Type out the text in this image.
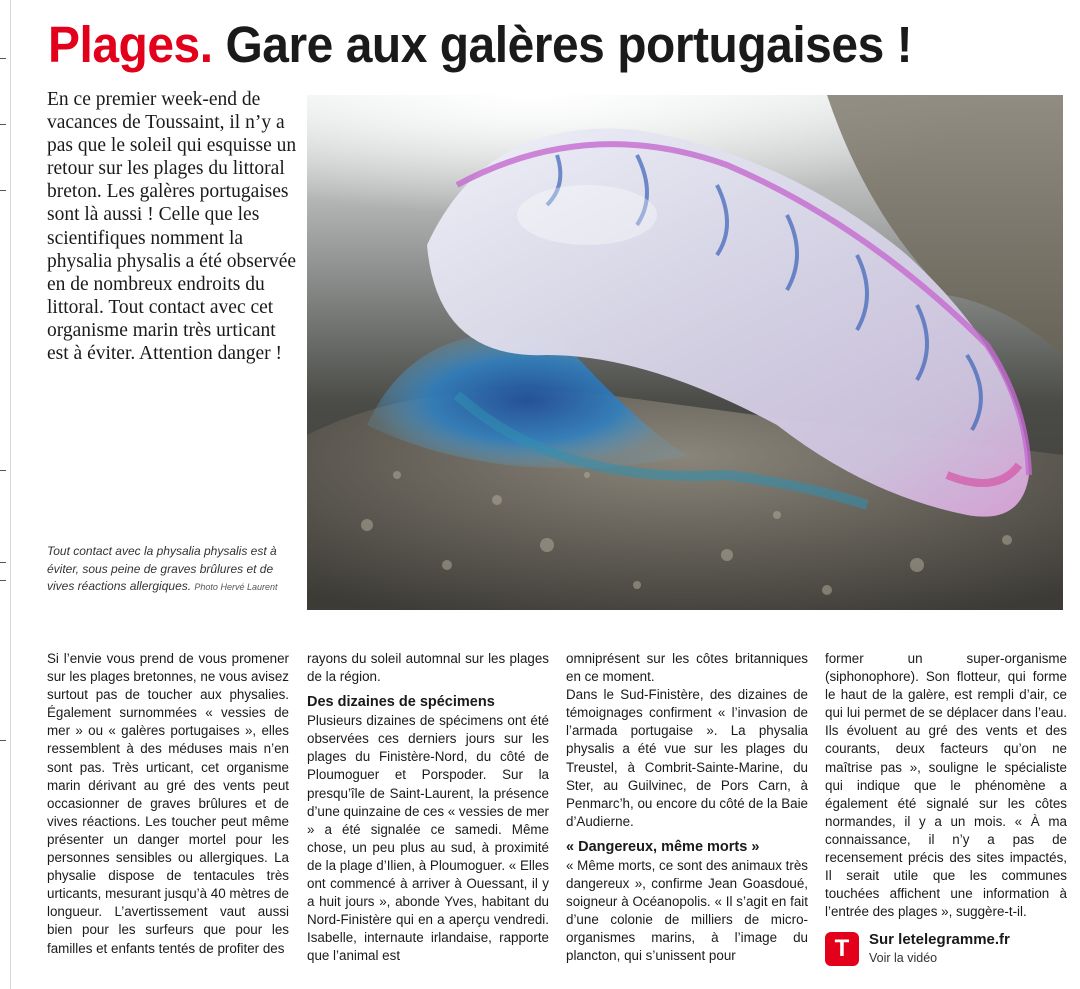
Plages. Gare aux galères portugaises !
En ce premier week-end de vacances de Toussaint, il n’y a pas que le soleil qui esquisse un retour sur les plages du littoral breton. Les galères portugaises sont là aussi ! Celle que les scientifiques nomment la physalia physalis a été observée en de nombreux endroits du littoral. Tout contact avec cet organisme marin très urticant est à éviter. Attention danger !
Tout contact avec la physalia physalis est à éviter, sous peine de graves brûlures et de vives réactions allergiques. Photo Hervé Laurent

Si l’envie vous prend de vous promener sur les plages bretonnes, ne vous avisez surtout pas de toucher aux physalies. Également surnommées « vessies de mer » ou « galères portugaises », elles ressemblent à des méduses mais n’en sont pas. Très urticant, cet organisme marin dérivant au gré des vents peut occasionner de graves brûlures et de vives réactions. Les toucher peut même présenter un danger mortel pour les personnes sensibles ou allergiques. La physalie dispose de tentacules très urticants, mesurant jusqu’à 40 mètres de longueur. L’avertissement vaut aussi bien pour les surfeurs que pour les familles et enfants tentés de profiter des

rayons du soleil automnal sur les plages de la région.

Des dizaines de spécimens

Plusieurs dizaines de spécimens ont été observées ces derniers jours sur les plages du Finistère-Nord, du côté de Ploumoguer et Porspoder. Sur la presqu’île de Saint-Laurent, la présence d’une quinzaine de ces « vessies de mer » a été signalée ce samedi. Même chose, un peu plus au sud, à proximité de la plage d’Ilien, à Ploumoguer. « Elles ont commencé à arriver à Ouessant, il y a huit jours », abonde Yves, habitant du Nord-Finistère qui en a aperçu vendredi. Isabelle, internaute irlandaise, rapporte que l’animal est

omniprésent sur les côtes britanniques en ce moment.

Dans le Sud-Finistère, des dizaines de témoignages confirment « l’invasion de l’armada portugaise ». La physalia physalis a été vue sur les plages du Treustel, à Combrit-Sainte-Marine, du Ster, au Guilvinec, de Pors Carn, à Penmarc’h, ou encore du côté de la Baie d’Audierne.

« Dangereux, même morts »

« Même morts, ce sont des animaux très dangereux », confirme Jean Goasdoué, soigneur à Océanopolis. « Il s’agit en fait d’une colonie de milliers de micro-organismes marins, à l’image du plancton, qui s’unissent pour

former un super-organisme (siphonophore). Son flotteur, qui forme le haut de la galère, est rempli d’air, ce qui lui permet de se déplacer dans l’eau. Ils évoluent au gré des vents et des courants, deux facteurs qu’on ne maîtrise pas », souligne le spécialiste qui indique que le phénomène a également été signalé sur les côtes normandes, il y a un mois. « À ma connaissance, il n’y a pas de recensement précis des sites impactés, Il serait utile que les communes touchées affichent une information à l’entrée des plages », suggère-t-il.

T	Sur letelegramme.fr
Voir la vidéo
